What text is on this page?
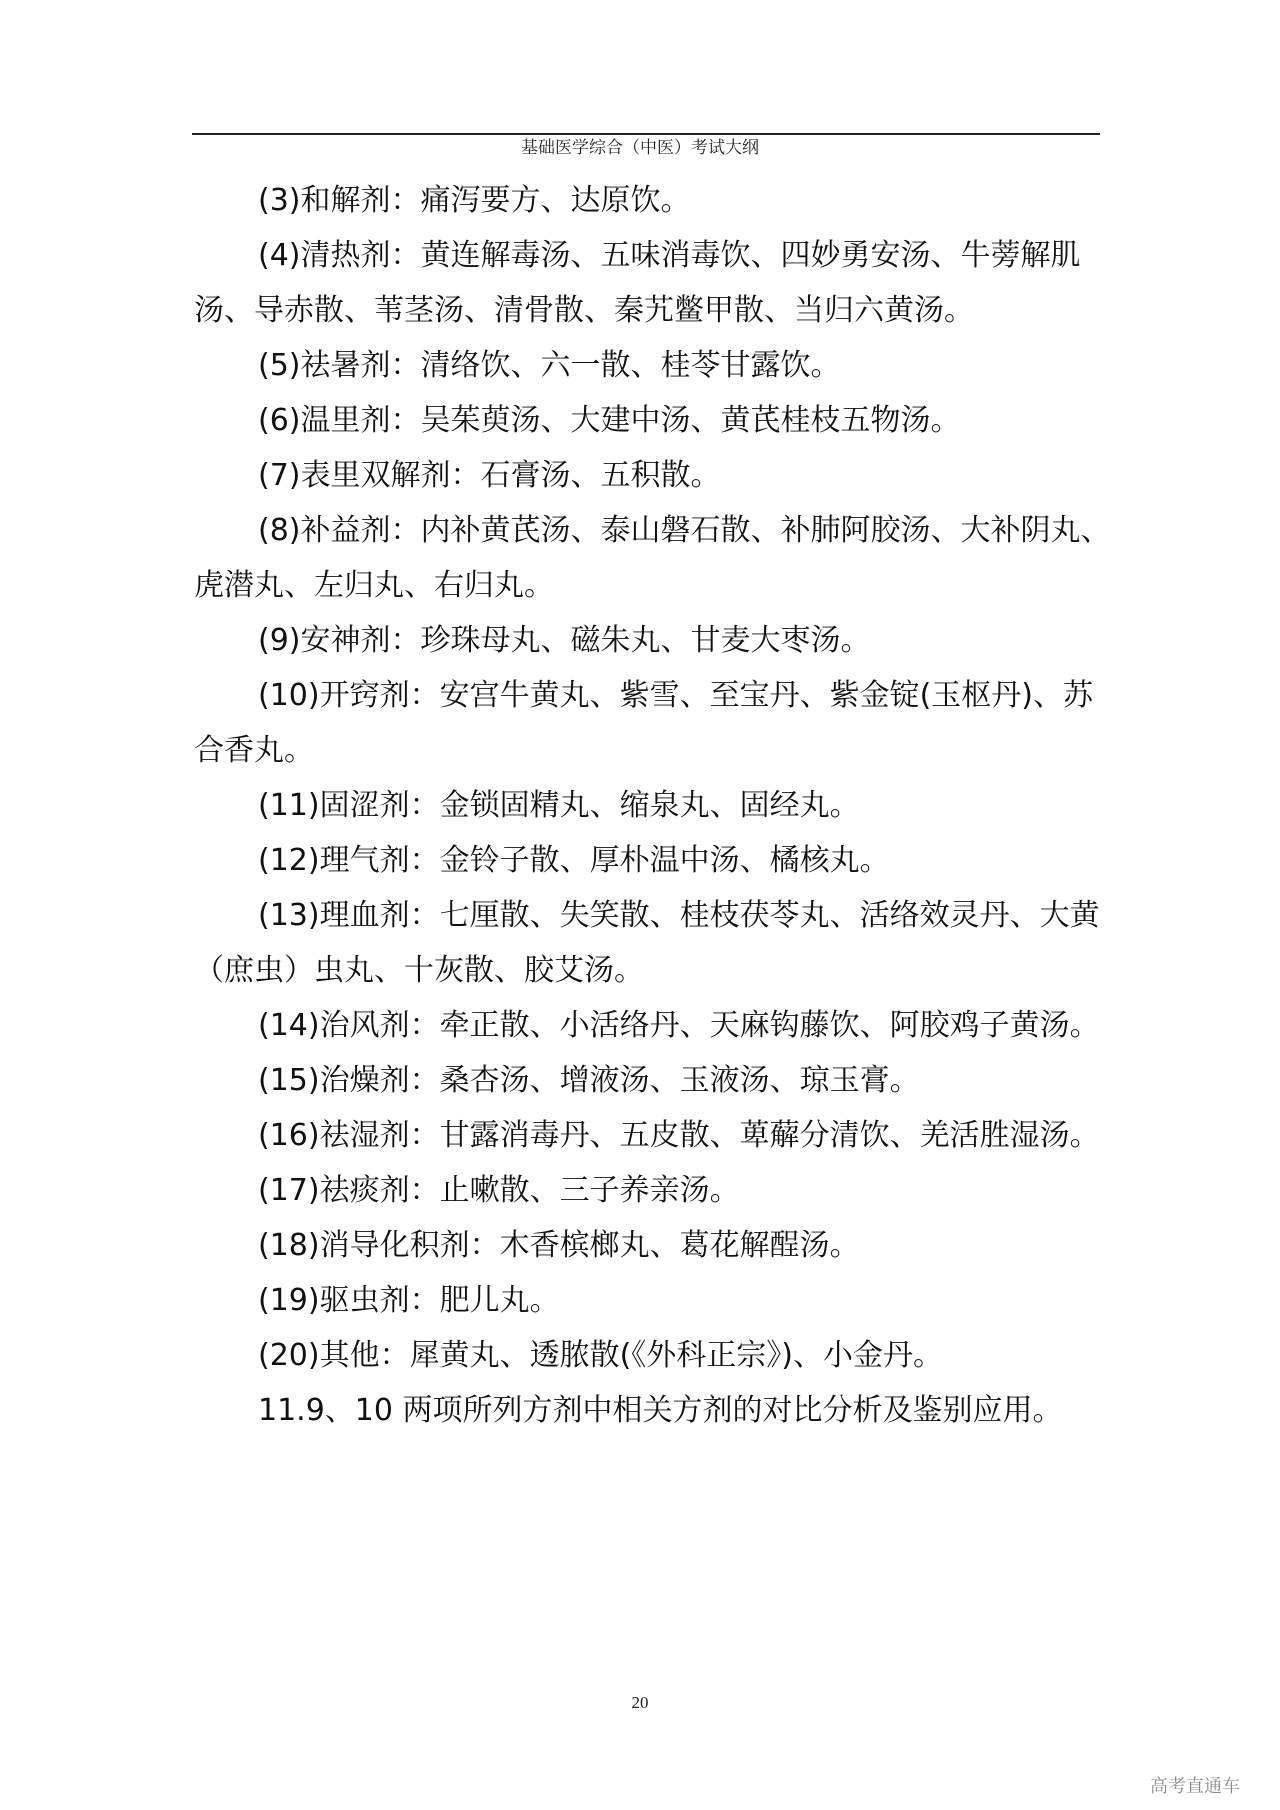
基础医学综合（中医）考试大纲

(3)和解剂：痛泻要方、达原饮。

(4)清热剂：黄连解毒汤、五味消毒饮、四妙勇安汤、牛蒡解肌汤、导赤散、苇茎汤、清骨散、秦艽鳖甲散、当归六黄汤。

(5)祛暑剂：清络饮、六一散、桂苓甘露饮。

(6)温里剂：吴茱萸汤、大建中汤、黄芪桂枝五物汤。

(7)表里双解剂：石膏汤、五积散。

(8)补益剂：内补黄芪汤、泰山磐石散、补肺阿胶汤、大补阴丸、虎潜丸、左归丸、右归丸。

(9)安神剂：珍珠母丸、磁朱丸、甘麦大枣汤。

(10)开窍剂：安宫牛黄丸、紫雪、至宝丹、紫金锭(玉枢丹)、苏合香丸。

(11)固涩剂：金锁固精丸、缩泉丸、固经丸。

(12)理气剂：金铃子散、厚朴温中汤、橘核丸。

(13)理血剂：七厘散、失笑散、桂枝茯苓丸、活络效灵丹、大黄（庶虫）虫丸、十灰散、胶艾汤。

(14)治风剂：牵正散、小活络丹、天麻钩藤饮、阿胶鸡子黄汤。

(15)治燥剂：桑杏汤、增液汤、玉液汤、琼玉膏。

(16)祛湿剂：甘露消毒丹、五皮散、萆薢分清饮、羌活胜湿汤。

(17)祛痰剂：止嗽散、三子养亲汤。

(18)消导化积剂：木香槟榔丸、葛花解酲汤。

(19)驱虫剂：肥儿丸。

(20)其他：犀黄丸、透脓散(《外科正宗》)、小金丹。

11.9、10 两项所列方剂中相关方剂的对比分析及鉴别应用。

20
高考直通车
